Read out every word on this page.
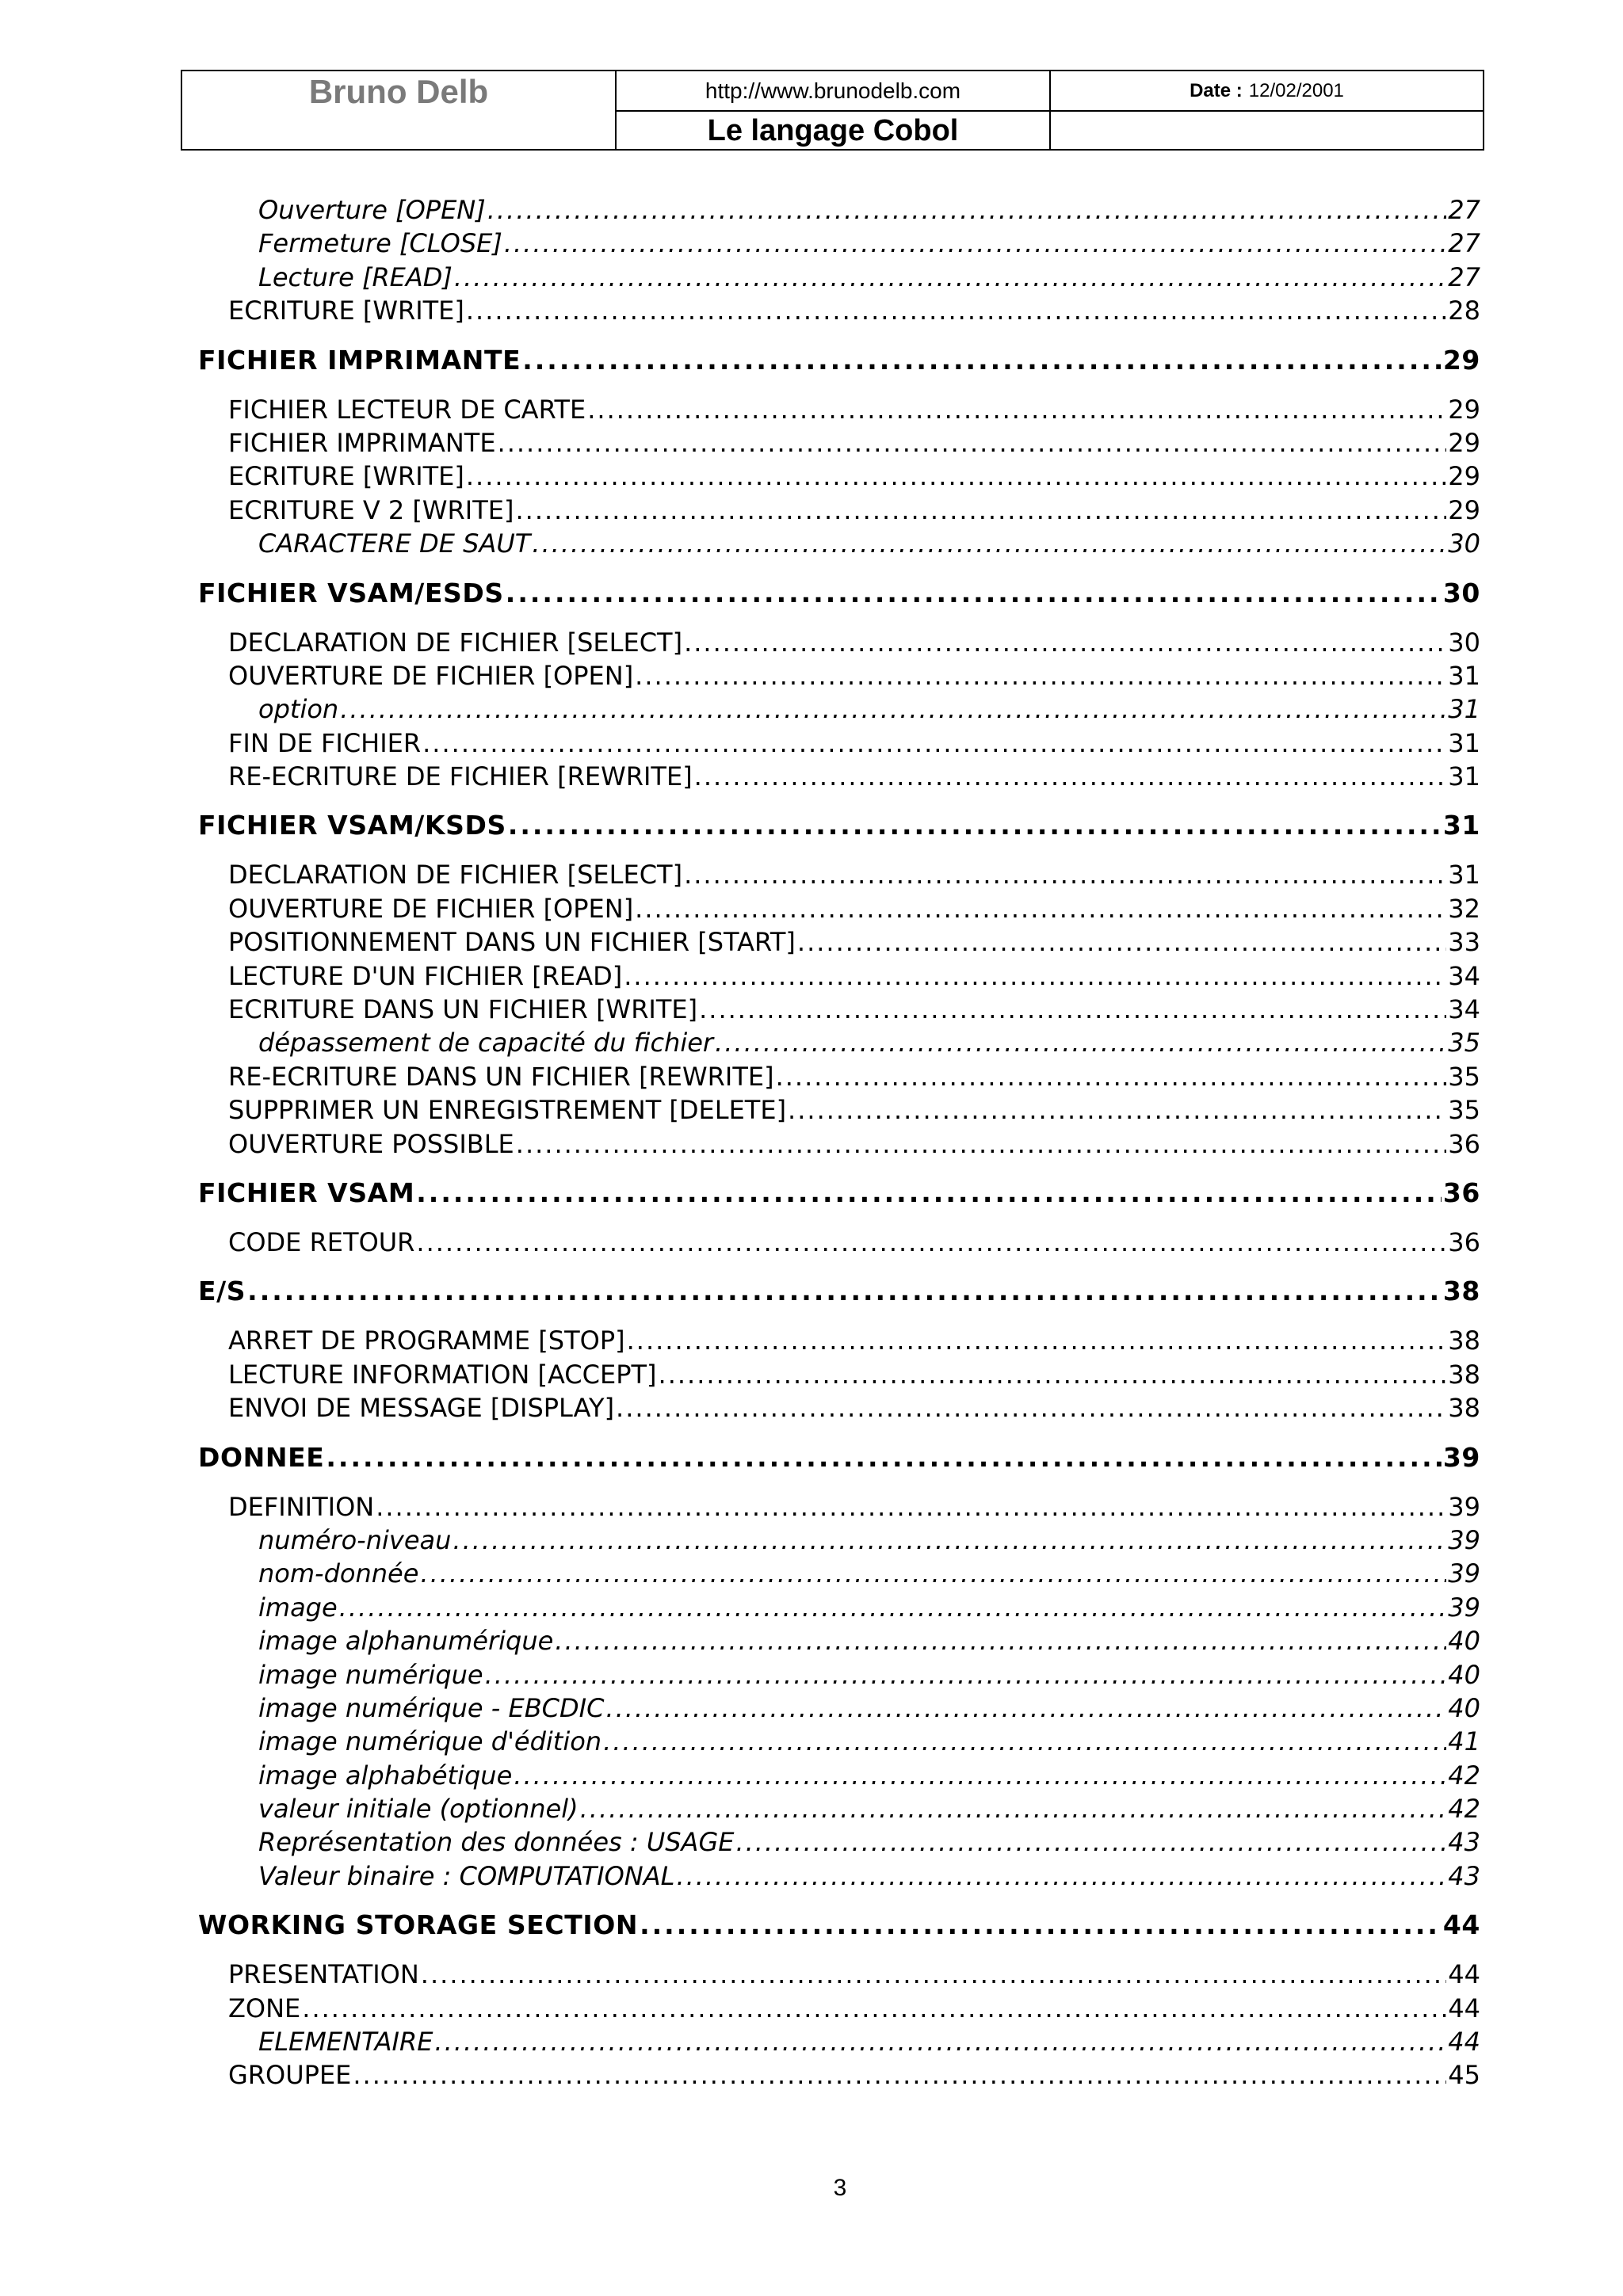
Bruno Delb	http://www.brunodelb.com	Date : 12/02/2001
Le langage Cobol
Ouverture [OPEN] .....	27
Fermeture [CLOSE] .....	27
Lecture [READ] .....	27
ECRITURE [WRITE] .....	28
FICHIER IMPRIMANTE .....	29
FICHIER LECTEUR DE CARTE .....	29
FICHIER IMPRIMANTE .....	29
ECRITURE [WRITE] .....	29
ECRITURE V 2 [WRITE] .....	29
CARACTERE DE SAUT .....	30
FICHIER VSAM/ESDS .....	30
DECLARATION DE FICHIER [SELECT] .....	30
OUVERTURE DE FICHIER [OPEN] .....	31
option .....	31
FIN DE FICHIER .....	31
RE-ECRITURE DE FICHIER [REWRITE] .....	31
FICHIER VSAM/KSDS .....	31
DECLARATION DE FICHIER [SELECT] .....	31
OUVERTURE DE FICHIER [OPEN] .....	32
POSITIONNEMENT DANS UN FICHIER [START] .....	33
LECTURE D'UN FICHIER [READ] .....	34
ECRITURE DANS UN FICHIER [WRITE] .....	34
dépassement de capacité du fichier .....	35
RE-ECRITURE DANS UN FICHIER [REWRITE] .....	35
SUPPRIMER UN ENREGISTREMENT [DELETE] .....	35
OUVERTURE POSSIBLE .....	36
FICHIER VSAM .....	36
CODE RETOUR .....	36
E/S .....	38
ARRET DE PROGRAMME [STOP] .....	38
LECTURE INFORMATION [ACCEPT] .....	38
ENVOI DE MESSAGE [DISPLAY] .....	38
DONNEE .....	39
DEFINITION .....	39
numéro-niveau .....	39
nom-donnée .....	39
image .....	39
image alphanumérique .....	40
image numérique .....	40
image numérique - EBCDIC .....	40
image numérique d'édition .....	41
image alphabétique .....	42
valeur initiale (optionnel) .....	42
Représentation des données : USAGE .....	43
Valeur binaire : COMPUTATIONAL .....	43
WORKING STORAGE SECTION .....	44
PRESENTATION .....	44
ZONE .....	44
ELEMENTAIRE .....	44
GROUPEE .....	45
3
